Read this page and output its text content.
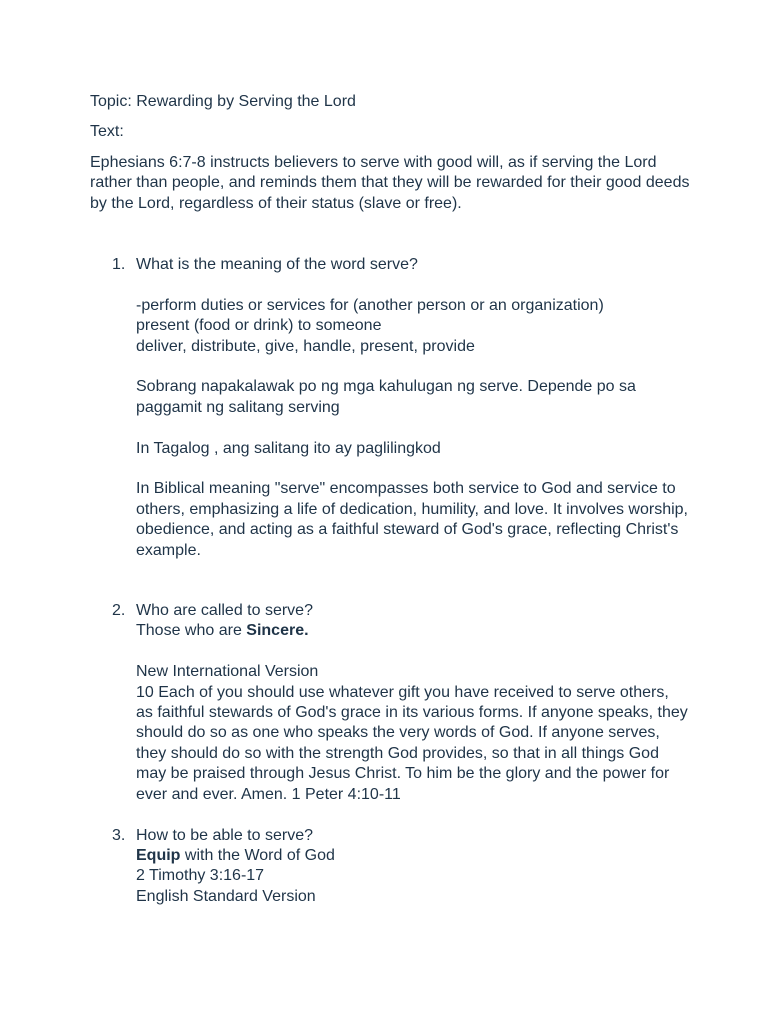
Topic: Rewarding by Serving the Lord

Text:

Ephesians 6:7-8 instructs believers to serve with good will, as if serving the Lord rather than people, and reminds them that they will be rewarded for their good deeds by the Lord, regardless of their status (slave or free).

1. What is the meaning of the word serve?

-perform duties or services for (another person or an organization)

present (food or drink) to someone

deliver, distribute, give, handle, present, provide

Sobrang napakalawak po ng mga kahulugan ng serve. Depende po sa paggamit ng salitang serving

In Tagalog , ang salitang ito ay paglilingkod

In Biblical meaning "serve" encompasses both service to God and service to others, emphasizing a life of dedication, humility, and love. It involves worship, obedience, and acting as a faithful steward of God's grace, reflecting Christ's example.

2. Who are called to serve?

Those who are Sincere.

New International Version

10 Each of you should use whatever gift you have received to serve others, as faithful stewards of God's grace in its various forms. If anyone speaks, they should do so as one who speaks the very words of God. If anyone serves, they should do so with the strength God provides, so that in all things God may be praised through Jesus Christ. To him be the glory and the power for ever and ever. Amen. 1 Peter 4:10-11

3. How to be able to serve?

Equip with the Word of God

2 Timothy 3:16-17

English Standard Version
